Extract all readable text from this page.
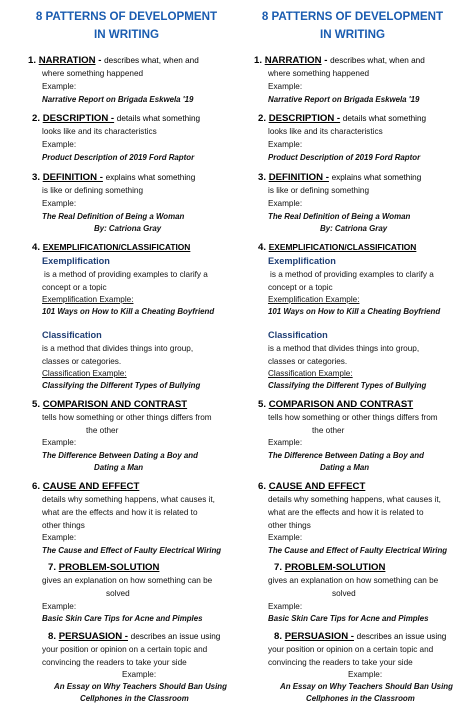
8 PATTERNS OF DEVELOPMENT
IN WRITING
1. NARRATION - describes what, when and
where something happened
Example:
Narrative Report on Brigada Eskwela '19
2. DESCRIPTION - details what something
looks like and its characteristics
Example:
Product Description of 2019 Ford Raptor
3. DEFINITION - explains what something
is like or defining something
Example:
The Real Definition of Being a Woman
By: Catriona Gray
4. EXEMPLIFICATION/CLASSIFICATION
Exemplification
is a method of providing examples to clarify a
concept or a topic
Exemplification Example:
101 Ways on How to Kill a Cheating Boyfriend
Classification
is a method that divides things into group,
classes or categories.
Classification Example:
Classifying the Different Types of Bullying
5. COMPARISON AND CONTRAST
tells how something or other things differs from
the other
Example:
The Difference Between Dating a Boy and
Dating a Man
6. CAUSE AND EFFECT
details why something happens, what causes it,
what are the effects and how it is related to
other things
Example:
The Cause and Effect of Faulty Electrical Wiring
7. PROBLEM-SOLUTION
gives an explanation on how something can be
solved
Example:
Basic Skin Care Tips for Acne and Pimples
8. PERSUASION - describes an issue using
your position or opinion on a certain topic and
convincing the readers to take your side
Example:
An Essay on Why Teachers Should Ban Using
Cellphones in the Classroom
8 PATTERNS OF DEVELOPMENT
IN WRITING
1. NARRATION - describes what, when and
where something happened
Example:
Narrative Report on Brigada Eskwela '19
2. DESCRIPTION - details what something
looks like and its characteristics
Example:
Product Description of 2019 Ford Raptor
3. DEFINITION - explains what something
is like or defining something
Example:
The Real Definition of Being a Woman
By: Catriona Gray
4. EXEMPLIFICATION/CLASSIFICATION
Exemplification
is a method of providing examples to clarify a
concept or a topic
Exemplification Example:
101 Ways on How to Kill a Cheating Boyfriend
Classification
is a method that divides things into group,
classes or categories.
Classification Example:
Classifying the Different Types of Bullying
5. COMPARISON AND CONTRAST
tells how something or other things differs from
the other
Example:
The Difference Between Dating a Boy and
Dating a Man
6. CAUSE AND EFFECT
details why something happens, what causes it,
what are the effects and how it is related to
other things
Example:
The Cause and Effect of Faulty Electrical Wiring
7. PROBLEM-SOLUTION
gives an explanation on how something can be
solved
Example:
Basic Skin Care Tips for Acne and Pimples
8. PERSUASION - describes an issue using
your position or opinion on a certain topic and
convincing the readers to take your side
Example:
An Essay on Why Teachers Should Ban Using
Cellphones in the Classroom
